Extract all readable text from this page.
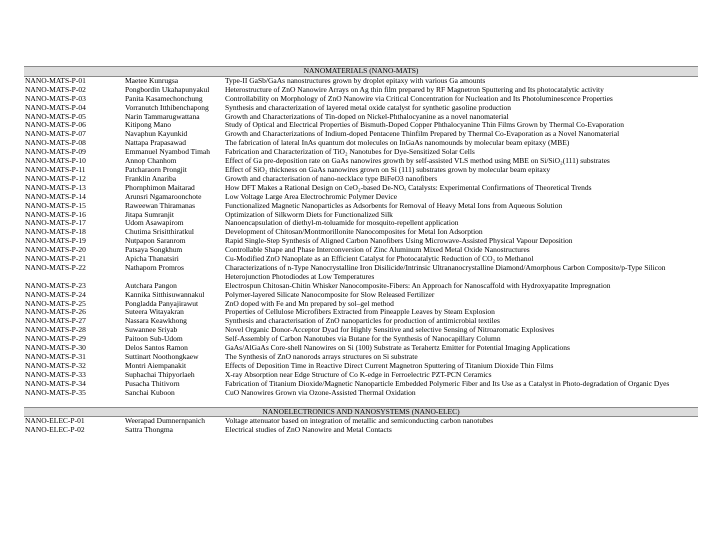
NANOMATERIALS (NANO-MATS)		
NANO-MATS-P-01	Maetee Kunrugsa	Type-II GaSb/GaAs nanostructures grown by droplet epitaxy with various Ga amounts
NANO-MATS-P-02	Pongbordin Ukahapunyakul	Heterostructure of ZnO Nanowire Arrays on Ag thin film prepared by RF Magnetron Sputtering and Its photocatalytic activity
NANO-MATS-P-03	Panita Kasamechonchung	Controllability on Morphology of ZnO Nanowire via Critical Concentration for Nucleation and Its Photoluminescence Properties
NANO-MATS-P-04	Vorranutch Itthibenchapong	Synthesis and characterization of layered metal oxide catalyst for synthetic gasoline production
NANO-MATS-P-05	Narin Tammarugwattana	Growth and Characterizations of Tin-doped on Nickel-Phthalocyanine as a novel nanomaterial
NANO-MATS-P-06	Kitipong Mano	Study of Optical and Electrical Properties of Bismuth-Doped Copper Phthalocyanine Thin Films Grown by Thermal Co-Evaporation
NANO-MATS-P-07	Navaphun Kayunkid	Growth and Characterizations of Indium-doped Pentacene Thinfilm Prepared by Thermal Co-Evaporation as a Novel Nanomaterial
NANO-MATS-P-08	Nattapa Prapasawad	The fabrication of lateral InAs quantum dot molecules on InGaAs nanomounds by molecular beam epitaxy (MBE)
NANO-MATS-P-09	Emmanuel Nyambod Timah	Fabrication and Characterization of TiO₂ Nanotubes for Dye-Sensitized Solar Cells
NANO-MATS-P-10	Annop Chanhom	Effect of Ga pre-deposition rate on GaAs nanowires growth by self-assisted VLS method using MBE on Si/SiO₂(111) substrates
NANO-MATS-P-11	Patcharaorn Prongjit	Effect of SiO₂ thickness on GaAs nanowires grown on Si (111) substrates grown by molecular beam epitaxy
NANO-MATS-P-12	Franklin Anariba	Growth and characterisation of nano-necklace type BiFeO3 nanofibers
NANO-MATS-P-13	Phornphimon Maitarad	How DFT Makes a Rational Design on CeO₂-based De-NOₓ Catalysts: Experimental Confirmations of Theoretical Trends
NANO-MATS-P-14	Arunsri Ngamaroonchote	Low Voltage Large Area Electrochromic Polymer Device
NANO-MATS-P-15	Raweewan Thiramanas	Functionalized Magnetic Nanoparticles as Adsorbents for Removal of Heavy Metal Ions from Aqueous Solution
NANO-MATS-P-16	Jitapa Sumranjit	Optimization of Silkworm Diets for Functionalized Silk
NANO-MATS-P-17	Udom Asawapirom	Nanoencapsulation of diethyl-m-toluamide for mosquito-repellent application
NANO-MATS-P-18	Chutima Srisitthiratkul	Development of Chitosan/Montmorillonite Nanocomposites for Metal Ion Adsorption
NANO-MATS-P-19	Nutpapon Saranrom	Rapid Single-Step Synthesis of Aligned Carbon Nanofibers Using Microwave-Assisted Physical Vapour Deposition
NANO-MATS-P-20	Patsaya Songkhum	Controllable Shape and Phase Interconversion of Zinc Aluminum Mixed Metal Oxide Nanostructures
NANO-MATS-P-21	Apicha Thanatsiri	Cu-Modified ZnO Nanoplate as an Efficient Catalyst for Photocatalytic Reduction of CO₂ to Methanol
NANO-MATS-P-22	Nathaporn Promros	Characterizations of n-Type Nanocrystalline Iron Disilicide/Intrinsic Ultrananocrystalline Diamond/Amorphous Carbon Composite/p-Type Silicon Heterojunction Photodiodes at Low Temperatures
NANO-MATS-P-23	Autchara Pangon	Electrospun Chitosan-Chitin Whisker Nanocomposite-Fibers: An Approach for Nanoscaffold with Hydroxyapatite Impregnation
NANO-MATS-P-24	Kannika Sitthisuwannakul	Polymer-layered Silicate Nanocomposite for Slow Released Fertilizer
NANO-MATS-P-25	Pongladda Panyajirawut	ZnO doped with Fe and Mn prepared by sol–gel method
NANO-MATS-P-26	Suteera Witayakran	Properties of Cellulose Microfibers Extracted from Pineapple Leaves by Steam Explosion
NANO-MATS-P-27	Nassara Keawkhong	Synthesis and characterisation of ZnO nanoparticles for production of antimicrobial textiles
NANO-MATS-P-28	Suwannee Sriyab	Novel Organic Donor-Acceptor Dyad for Highly Sensitive and selective Sensing of Nitroaromatic Explosives
NANO-MATS-P-29	Paitoon Sub-Udom	Self-Assembly of Carbon Nanotubes via Butane for the Synthesis of Nanocapillary Column
NANO-MATS-P-30	Delos Santos Ramon	GaAs/AlGaAs Core-shell Nanowires on Si (100) Substrate as Terahertz Emitter for Potential Imaging Applications
NANO-MATS-P-31	Suttinart Noothongkaew	The Synthesis of ZnO nanorods arrays structures on Si substrate
NANO-MATS-P-32	Montri Aiempanakit	Effects of Deposition Time in Reactive Direct Current Magnetron Sputtering of Titanium Dioxide Thin Films
NANO-MATS-P-33	Suphachai Thipyorlaeh	X-ray Absorption near Edge Structure of Co K-edge in Ferroelectric PZT-PCN Ceramics
NANO-MATS-P-34	Pusacha Thitivorn	Fabrication of Titanium Dioxide/Magnetic Nanoparticle Embedded Polymeric Fiber and Its Use as a Catalyst in Photo-degradation of Organic Dyes
NANO-MATS-P-35	Sanchai Kuboon	CuO Nanowires Grown via Ozone-Assisted Thermal Oxidation

NANOELECTRONICS AND NANOSYSTEMS (NANO-ELEC)		
NANO-ELEC-P-01	Weerapad Dumnernpanich	Voltage attenuator based on integration of metallic and semiconducting carbon nanotubes
NANO-ELEC-P-02	Sattra Thongma	Electrical studies of ZnO Nanowire and Metal Contacts
